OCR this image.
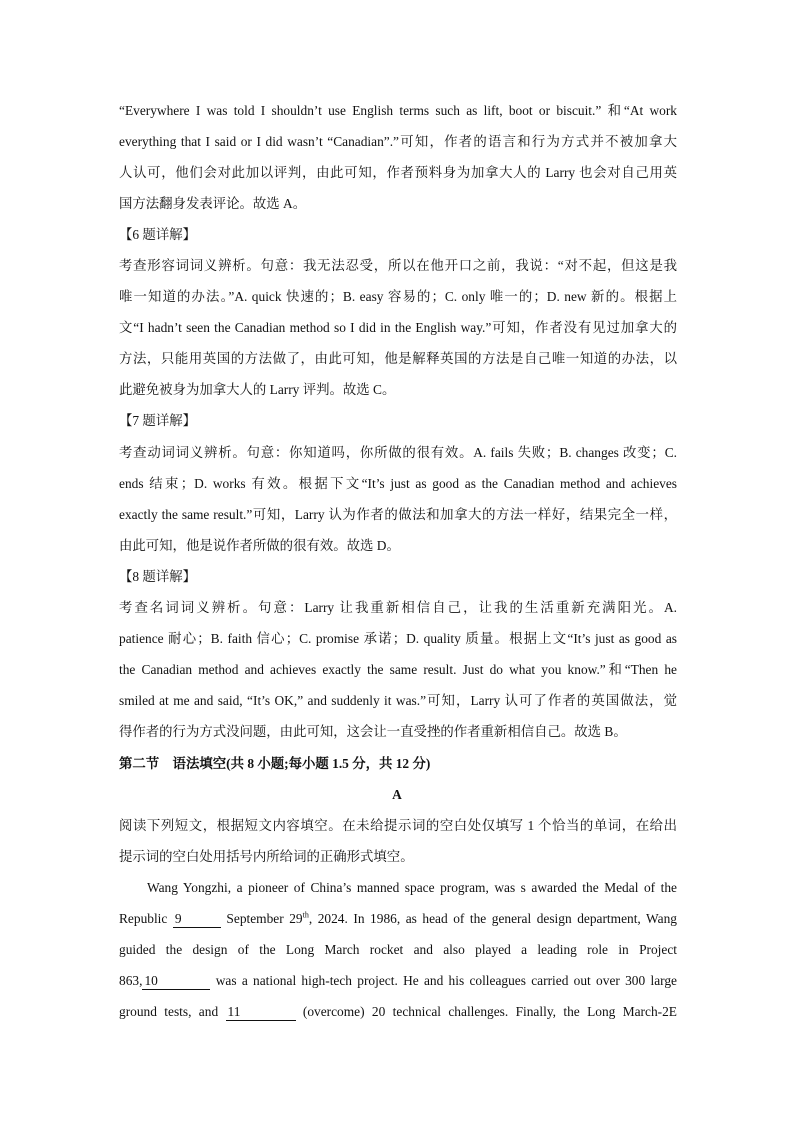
“Everywhere I was told I shouldn’t use English terms such as lift, boot or biscuit.” 和“At work
everything that I said or I did wasn’t “Canadian”.”可知，作者的语言和行为方式并不被加拿大
人认可，他们会对此加以评判，由此可知，作者预料身为加拿大人的 Larry 也会对自己用英
国方法翻身发表评论。故选 A。
【6 题详解】
考查形容词词义辨析。句意：我无法忍受，所以在他开口之前，我说：“对不起，但这是我
唯一知道的办法。”A. quick 快速的；B. easy 容易的；C. only 唯一的；D. new 新的。根据上
文“I hadn’t seen the Canadian method so I did in the English way.”可知，作者没有见过加拿大的
方法，只能用英国的方法做了，由此可知，他是解释英国的方法是自己唯一知道的办法，以
此避免被身为加拿大人的 Larry 评判。故选 C。
【7 题详解】
考查动词词义辨析。句意：你知道吗，你所做的很有效。A. fails 失败；B. changes 改变；C.
ends 结束；D. works 有效。根据下文“It’s just as good as the Canadian method and achieves
exactly the same result.”可知，Larry 认为作者的做法和加拿大的方法一样好，结果完全一样，
由此可知，他是说作者所做的很有效。故选 D。
【8 题详解】
考查名词词义辨析。句意：Larry 让我重新相信自己，让我的生活重新充满阳光。A.
patience 耐心；B. faith 信心；C. promise 承诺；D. quality 质量。根据上文“It’s just as good as
the Canadian method and achieves exactly the same result. Just do what you know.”和“Then he
smiled at me and said, “It’s OK,” and suddenly it was.”可知，Larry 认可了作者的英国做法，觉
得作者的行为方式没问题，由此可知，这会让一直受挫的作者重新相信自己。故选 B。
第二节　语法填空(共 8 小题;每小题 1.5 分，共 12 分)
A
阅读下列短文，根据短文内容填空。在未给提示词的空白处仅填写 1 个恰当的单词，在给出
提示词的空白处用括号内所给词的正确形式填空。
Wang Yongzhi, a pioneer of China’s manned space program, was s awarded the Medal of the
Republic 9	September 29th, 2024. In 1986, as head of the general design department, Wang
guided the design of the Long March rocket and also played a leading role in Project
863, 10	was a national high-tech project. He and his colleagues carried out over 300 large
ground tests, and 11	(overcome) 20 technical challenges. Finally, the Long March-2E
